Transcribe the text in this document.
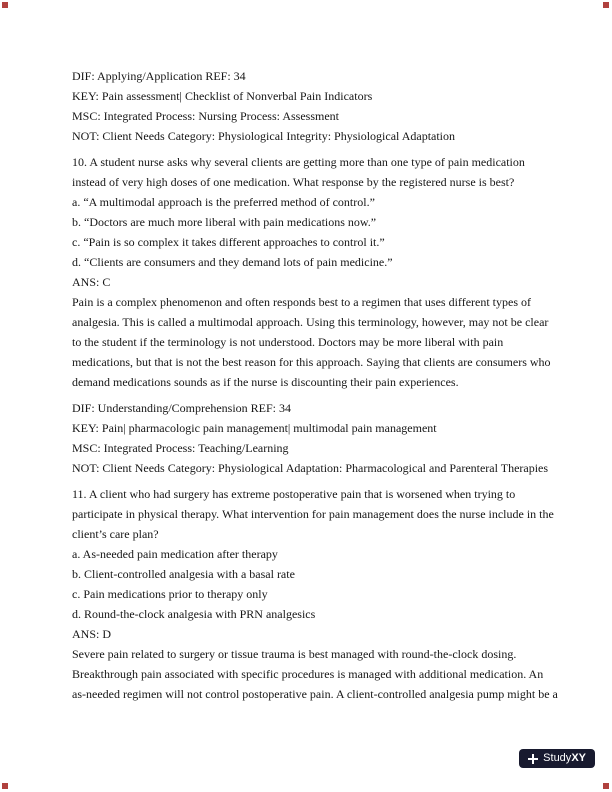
DIF: Applying/Application REF: 34
KEY: Pain assessment| Checklist of Nonverbal Pain Indicators
MSC: Integrated Process: Nursing Process: Assessment
NOT: Client Needs Category: Physiological Integrity: Physiological Adaptation
10. A student nurse asks why several clients are getting more than one type of pain medication
instead of very high doses of one medication. What response by the registered nurse is best?
a. “A multimodal approach is the preferred method of control.”
b. “Doctors are much more liberal with pain medications now.”
c. “Pain is so complex it takes different approaches to control it.”
d. “Clients are consumers and they demand lots of pain medicine.”
ANS: C
Pain is a complex phenomenon and often responds best to a regimen that uses different types of
analgesia. This is called a multimodal approach. Using this terminology, however, may not be clear
to the student if the terminology is not understood. Doctors may be more liberal with pain
medications, but that is not the best reason for this approach. Saying that clients are consumers who
demand medications sounds as if the nurse is discounting their pain experiences.
DIF: Understanding/Comprehension REF: 34
KEY: Pain| pharmacologic pain management| multimodal pain management
MSC: Integrated Process: Teaching/Learning
NOT: Client Needs Category: Physiological Adaptation: Pharmacological and Parenteral Therapies
11. A client who had surgery has extreme postoperative pain that is worsened when trying to
participate in physical therapy. What intervention for pain management does the nurse include in the
client’s care plan?
a. As-needed pain medication after therapy
b. Client-controlled analgesia with a basal rate
c. Pain medications prior to therapy only
d. Round-the-clock analgesia with PRN analgesics
ANS: D
Severe pain related to surgery or tissue trauma is best managed with round-the-clock dosing.
Breakthrough pain associated with specific procedures is managed with additional medication. An
as-needed regimen will not control postoperative pain. A client-controlled analgesia pump might be a
StudyXY
